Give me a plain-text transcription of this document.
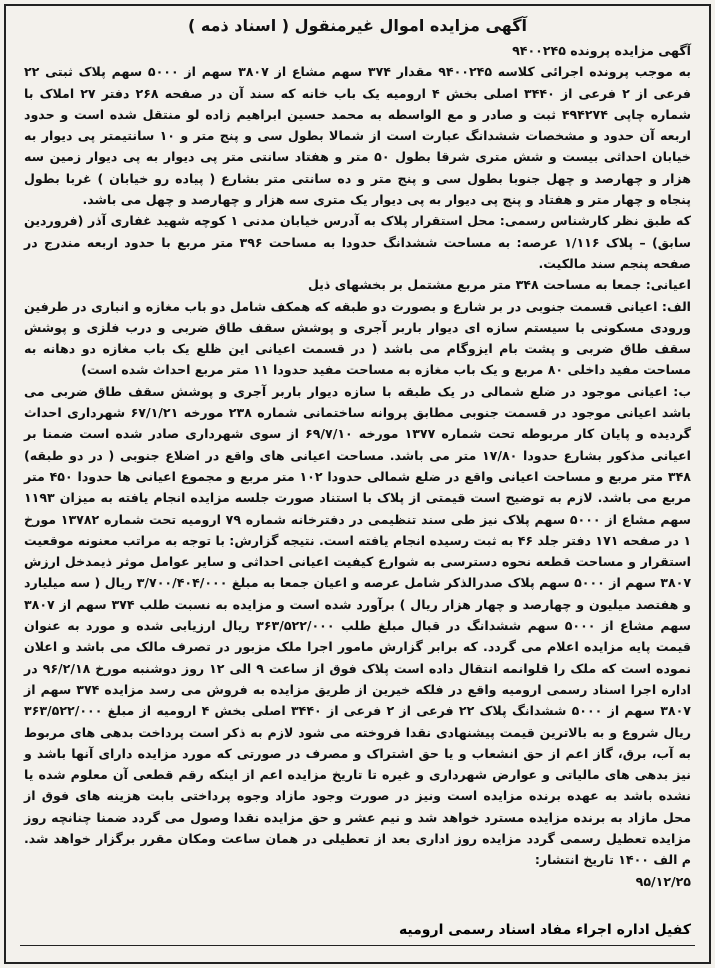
آگهی مزایده اموال غیرمنقول ( اسناد ذمه )

آگهی مزایده پرونده ۹۴۰۰۲۴۵

به موجب پرونده اجرائی کلاسه ۹۴۰۰۲۴۵ مقدار ۳۷۴ سهم مشاع از ۳۸۰۷ سهم از ۵۰۰۰ سهم پلاک ثبتی ۲۲ فرعی از ۲ فرعی از ۳۴۴۰ اصلی بخش ۴ ارومیه یک باب خانه که سند آن در صفحه ۲۶۸ دفتر ۲۷ املاک با شماره چاپی ۴۹۴۲۷۴ ثبت و صادر و مع الواسطه به محمد حسین ابراهیم زاده لو منتقل شده است و حدود اربعه آن حدود و مشخصات ششدانگ عبارت است از شمالا بطول سی و پنج متر و ۱۰ سانتیمتر پی دیوار به خیابان احداثی بیست و شش متری شرقا بطول ۵۰ متر و هفتاد سانتی متر پی دیوار به پی دیوار زمین سه هزار و چهارصد و چهل جنوبا بطول سی و پنج متر و ده سانتی متر بشارع ( پیاده رو خیابان ) غربا بطول پنجاه و چهار متر و هفتاد و پنج پی دیوار به پی دیوار یک متری سه هزار و چهارصد و چهل می باشد.

که طبق نظر کارشناس رسمی: محل استقرار پلاک به آدرس خیابان مدنی ۱ کوچه شهید غفاری آذر (فروردین سابق) – پلاک ۱/۱۱۶ عرصه: به مساحت ششدانگ حدودا به مساحت ۳۹۶ متر مربع با حدود اربعه مندرج در صفحه پنجم سند مالکیت.

اعیانی: جمعا به مساحت ۳۴۸ متر مربع مشتمل بر بخشهای ذیل

الف: اعیانی قسمت جنوبی در بر شارع و بصورت دو طبقه که همکف شامل دو باب مغازه و انباری در طرفین ورودی مسکونی با سیستم سازه ای دیوار باربر آجری و پوشش سقف طاق ضربی و درب فلزی و پوشش سقف طاق ضربی و پشت بام ایزوگام می باشد ( در قسمت اعیانی این ظلع یک باب مغازه دو دهانه به مساحت مفید داخلی ۸۰ مربع و یک باب مغازه به مساحت مفید حدودا ۱۱ متر مربع احداث شده است)

ب: اعیانی موجود در ضلع شمالی در یک طبقه با سازه دیوار باربر آجری و پوشش سقف طاق ضربی می باشد اعیانی موجود در قسمت جنوبی مطابق پروانه ساختمانی شماره ۲۳۸ مورخه ۶۷/۱/۲۱ شهرداری احداث گردیده و پایان کار مربوطه تحت شماره ۱۳۷۷ مورخه ۶۹/۷/۱۰ از سوی شهرداری صادر شده است ضمنا بر اعیانی مذکور بشارع حدودا ۱۷/۸۰ متر می باشد. مساحت اعیانی های واقع در اضلاع جنوبی ( در دو طبقه) ۳۴۸ متر مربع و مساحت اعیانی واقع در ضلع شمالی حدودا ۱۰۲ متر مربع و مجموع اعیانی ها حدودا ۴۵۰ متر مربع می باشد. لازم به توضیح است قیمتی از پلاک با استناد صورت جلسه مزایده انجام یافته به میزان ۱۱۹۳ سهم مشاع از ۵۰۰۰ سهم پلاک نیز طی سند تنظیمی در دفترخانه شماره ۷۹ ارومیه تحت شماره ۱۳۷۸۲ مورخ ۱ در صفحه ۱۷۱ دفتر جلد ۴۶ به ثبت رسیده انجام یافته است. نتیجه گزارش: با توجه به مراتب معنونه موقعیت استقرار و مساحت قطعه نحوه دسترسی به شوارع کیفیت اعیانی احداثی و سایر عوامل موثر ذیمدخل ارزش ۳۸۰۷ سهم از ۵۰۰۰ سهم پلاک صدرالذکر شامل عرصه و اعیان جمعا به مبلغ ۳/۷۰۰/۴۰۴/۰۰۰ ریال ( سه میلیارد و هفتصد میلیون و چهارصد و چهار هزار ریال ) برآورد شده است و مزایده به نسبت طلب ۳۷۴ سهم از ۳۸۰۷ سهم مشاع از ۵۰۰۰ سهم ششدانگ در قبال مبلغ طلب ۳۶۳/۵۲۲/۰۰۰ ریال ارزیابی شده و مورد به عنوان قیمت پایه مزایده اعلام می گردد. که برابر گزارش مامور اجرا ملک مزبور در تصرف مالک می باشد و اعلان نموده است که ملک را قلوانمه انتقال داده است پلاک فوق از ساعت ۹ الی ۱۲ روز دوشنبه مورخ ۹۶/۲/۱۸ در اداره اجرا اسناد رسمی ارومیه واقع در فلکه خیرین از طریق مزایده به فروش می رسد مزایده ۳۷۴ سهم از ۳۸۰۷ سهم از ۵۰۰۰ ششدانگ پلاک ۲۲ فرعی از ۲ فرعی از ۳۴۴۰ اصلی بخش ۴ ارومیه از مبلغ ۳۶۳/۵۲۲/۰۰۰ ریال شروع و به بالاترین قیمت پیشنهادی نقدا فروخته می شود لازم به ذکر است پرداخت بدهی های مربوط به آب، برق، گاز اعم از حق انشعاب و یا حق اشتراک و مصرف در صورتی که مورد مزایده دارای آنها باشد و نیز بدهی های مالیاتی و عوارض شهرداری و غیره تا تاریخ مزایده اعم از اینکه رقم قطعی آن معلوم شده یا نشده باشد به عهده برنده مزایده است ونیز در صورت وجود مازاد وجوه پرداختی بابت هزینه های فوق از محل مازاد به برنده مزایده مسترد خواهد شد و نیم عشر و حق مزایده نقدا وصول می گردد ضمنا چنانچه روز مزایده تعطیل رسمی گردد مزایده روز اداری بعد از تعطیلی در همان ساعت ومکان مقرر برگزار خواهد شد. م الف ۱۴۰۰ تاریخ انتشار:

۹۵/۱۲/۲۵

کفیل اداره اجراء مفاد اسناد رسمی ارومیه
